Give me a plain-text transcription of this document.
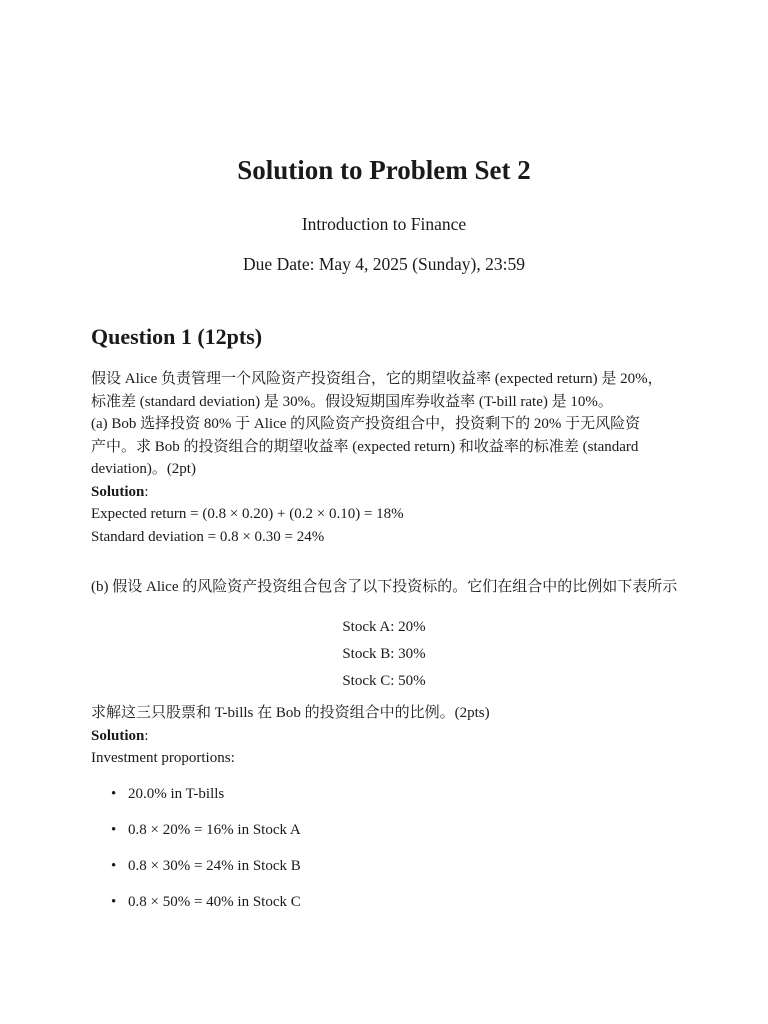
Solution to Problem Set 2
Introduction to Finance
Due Date: May 4, 2025 (Sunday), 23:59
Question 1 (12pts)

假设 Alice 负责管理一个风险资产投资组合，它的期望收益率 (expected return) 是 20%，

标准差 (standard deviation) 是 30%。假设短期国库券收益率 (T-bill rate) 是 10%。

(a) Bob 选择投资 80% 于 Alice 的风险资产投资组合中，投资剩下的 20% 于无风险资

产中。求 Bob 的投资组合的期望收益率 (expected return) 和收益率的标准差 (standard

deviation)。(2pt)

Solution:

Expected return = (0.8 × 0.20) + (0.2 × 0.10) = 18%

Standard deviation = 0.8 × 0.30 = 24%

(b) 假设 Alice 的风险资产投资组合包含了以下投资标的。它们在组合中的比例如下表所示

Stock A: 20%
Stock B: 30%
Stock C: 50%

求解这三只股票和 T-bills 在 Bob 的投资组合中的比例。(2pts)

Solution:

Investment proportions:

• 20.0% in T-bills
• 0.8 × 20% = 16% in Stock A
• 0.8 × 30% = 24% in Stock B
• 0.8 × 50% = 40% in Stock C
